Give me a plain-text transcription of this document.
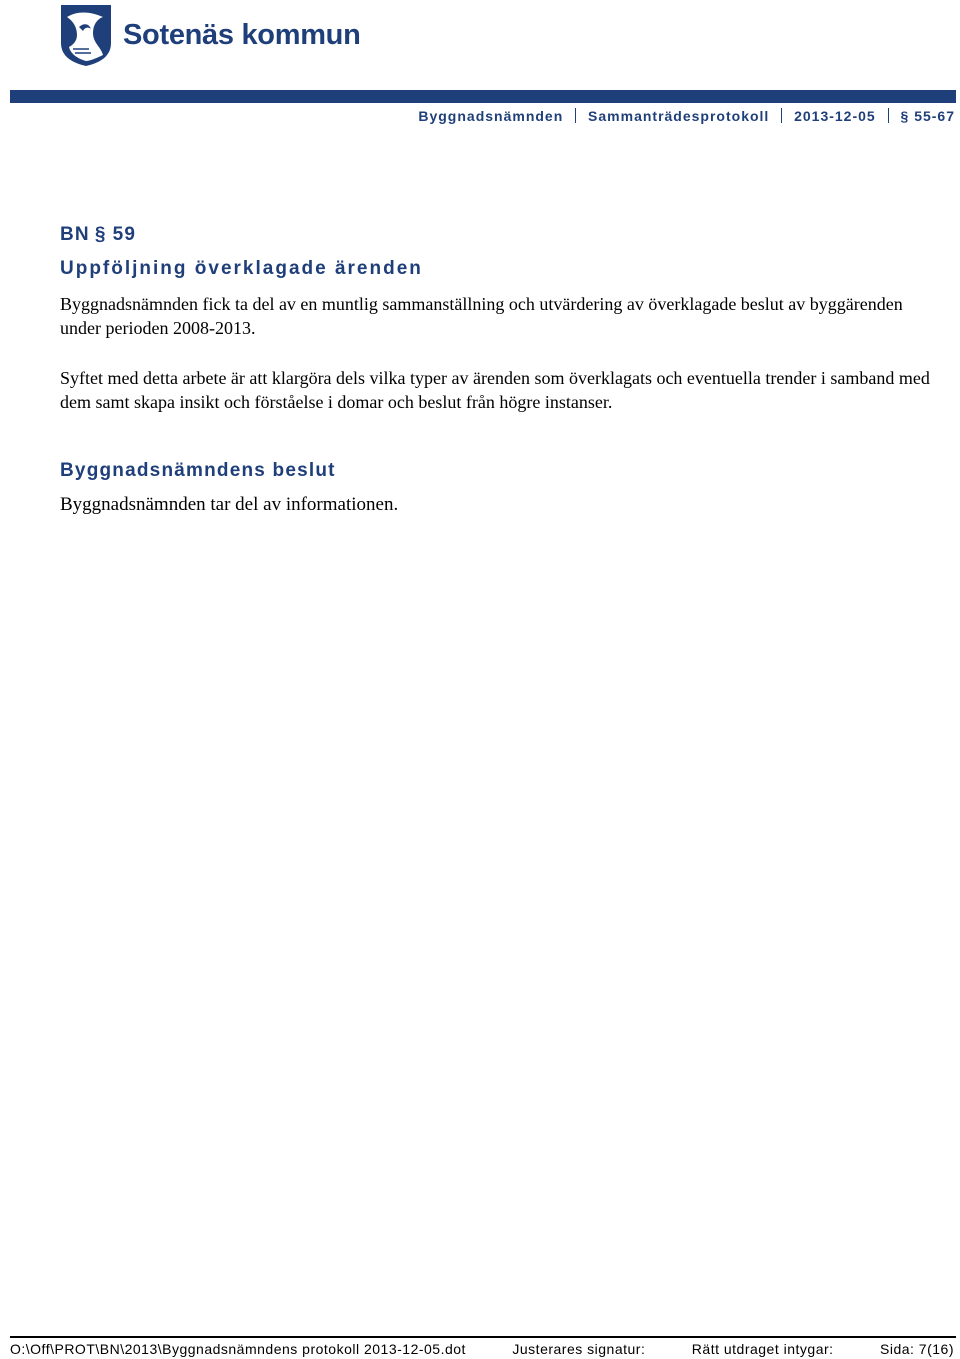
Sotenäs kommun
Byggnadsnämnden Sammanträdesprotokoll 2013-12-05 § 55-67
BN § 59
Uppföljning överklagade ärenden

Byggnadsnämnden fick ta del av en muntlig sammanställning och utvärdering av överklagade beslut av byggärenden under perioden 2008-2013.

Syftet med detta arbete är att klargöra dels vilka typer av ärenden som överklagats och eventuella trender i samband med dem samt skapa insikt och förståelse i domar och beslut från högre instanser.

Byggnadsnämndens beslut

Byggnadsnämnden tar del av informationen.

O:\Off\PROT\BN\2013\Byggnadsnämndens protokoll 2013-12-05.dot	Justerares signatur:	Rätt utdraget intygar:	Sida: 7(16)
